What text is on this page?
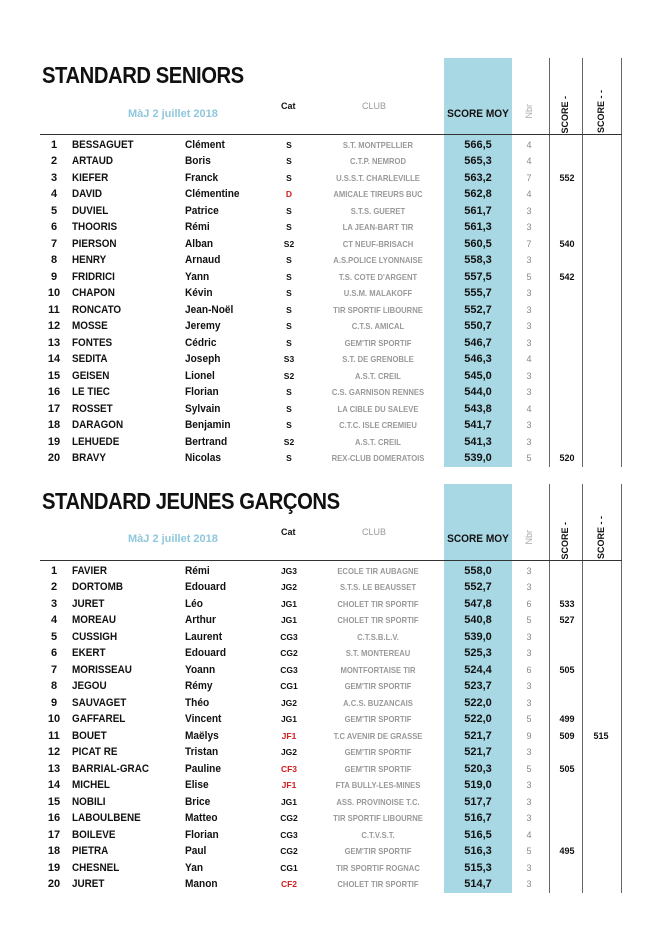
STANDARD SENIORS
MàJ 2 juillet 2018
Cat	CLUB
SCORE MOY Nbr	SCORE -	SCORE - -
1	BESSAGUET	Clément	S	S.T. MONTPELLIER	566,5	4
2	ARTAUD	Boris	S	C.T.P. NEMROD	565,3	4
3	KIEFER	Franck	S	U.S.S.T. CHARLEVILLE	563,2	7	552
4	DAVID	Clémentine	D	AMICALE TIREURS BUC	562,8	4
5	DUVIEL	Patrice	S	S.T.S. GUERET	561,7	3
6	THOORIS	Rémi	S	LA JEAN-BART TIR	561,3	3
7	PIERSON	Alban	S2	CT NEUF-BRISACH	560,5	7	540
8	HENRY	Arnaud	S	A.S.POLICE LYONNAISE	558,3	3
9	FRIDRICI	Yann	S	T.S. COTE D'ARGENT	557,5	5	542
10	CHAPON	Kévin	S	U.S.M. MALAKOFF	555,7	3
11	RONCATO	Jean-Noël	S	TIR SPORTIF LIBOURNE	552,7	3
12	MOSSE	Jeremy	S	C.T.S. AMICAL	550,7	3
13	FONTES	Cédric	S	GEM'TIR SPORTIF	546,7	3
14	SEDITA	Joseph	S3	S.T. DE GRENOBLE	546,3	4
15	GEISEN	Lionel	S2	A.S.T. CREIL	545,0	3
16	LE TIEC	Florian	S	C.S. GARNISON RENNES	544,0	3
17	ROSSET	Sylvain	S	LA CIBLE DU SALEVE	543,8	4
18	DARAGON	Benjamin	S	C.T.C. ISLE CREMIEU	541,7	3
19	LEHUEDE	Bertrand	S2	A.S.T. CREIL	541,3	3
20	BRAVY	Nicolas	S	REX-CLUB DOMERATOIS	539,0	5	520
STANDARD JEUNES GARÇONS
MàJ 2 juillet 2018
Cat	CLUB
SCORE MOY Nbr	SCORE -	SCORE - -
1	FAVIER	Rémi	JG3	ECOLE TIR AUBAGNE	558,0	3
2	DORTOMB	Edouard	JG2	S.T.S. LE BEAUSSET	552,7	3
3	JURET	Léo	JG1	CHOLET TIR SPORTIF	547,8	6	533
4	MOREAU	Arthur	JG1	CHOLET TIR SPORTIF	540,8	5	527
5	CUSSIGH	Laurent	CG3	C.T.S.B.L.V.	539,0	3
6	EKERT	Edouard	CG2	S.T. MONTEREAU	525,3	3
7	MORISSEAU	Yoann	CG3	MONTFORTAISE TIR	524,4	6	505
8	JEGOU	Rémy	CG1	GEM'TIR SPORTIF	523,7	3
9	SAUVAGET	Théo	JG2	A.C.S. BUZANCAIS	522,0	3
10	GAFFAREL	Vincent	JG1	GEM'TIR SPORTIF	522,0	5	499
11	BOUET	Maëlys	JF1	T.C AVENIR DE GRASSE	521,7	9	509	515
12	PICAT RE	Tristan	JG2	GEM'TIR SPORTIF	521,7	3
13	BARRIAL-GRAC	Pauline	CF3	GEM'TIR SPORTIF	520,3	5	505
14	MICHEL	Elise	JF1	FTA BULLY-LES-MINES	519,0	3
15	NOBILI	Brice	JG1	ASS. PROVINOISE T.C.	517,7	3
16	LABOULBENE	Matteo	CG2	TIR SPORTIF LIBOURNE	516,7	3
17	BOILEVE	Florian	CG3	C.T.V.S.T.	516,5	4
18	PIETRA	Paul	CG2	GEM'TIR SPORTIF	516,3	5	495
19	CHESNEL	Yan	CG1	TIR SPORTIF ROGNAC	515,3	3
20	JURET	Manon	CF2	CHOLET TIR SPORTIF	514,7	3
